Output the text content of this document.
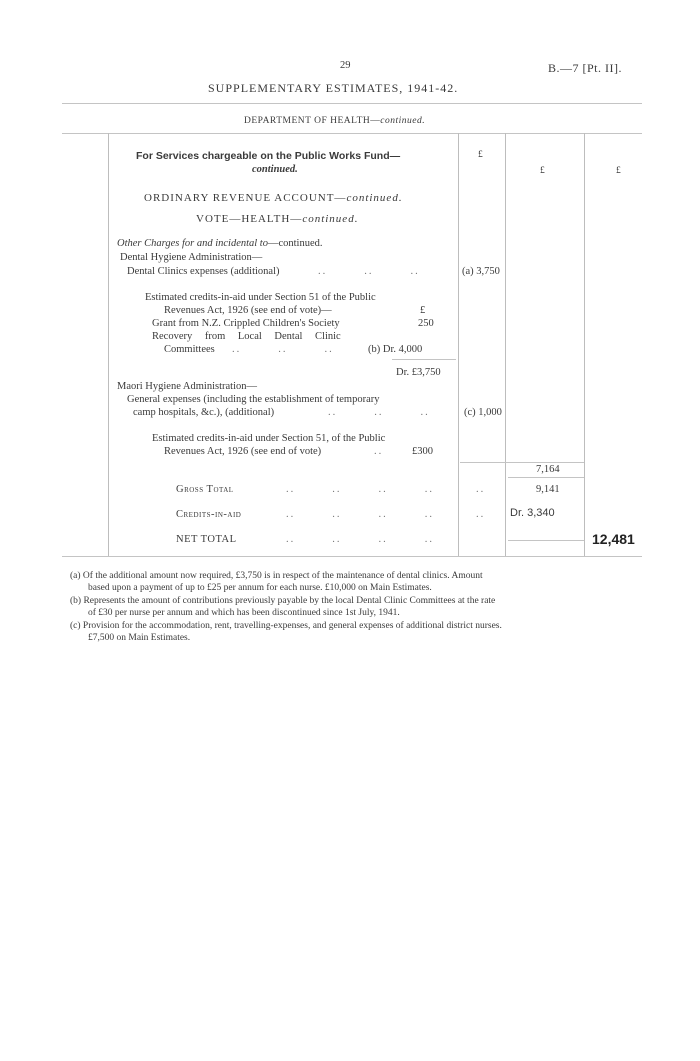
29	B.—7 [Pt. II].
SUPPLEMENTARY ESTIMATES, 1941-42.
DEPARTMENT OF HEALTH—continued.
£
£	£
For Services chargeable on the Public Works Fund—
continued.
ORDINARY REVENUE ACCOUNT—continued.
VOTE—HEALTH—continued.
Other Charges for and incidental to—continued.
Dental Hygiene Administration—
Dental Clinics expenses (additional)	..        ..        ..	(a) 3,750
Estimated credits-in-aid under Section 51 of the Public
Revenues Act, 1926 (see end of vote)—	£
Grant from N.Z. Crippled Children's Society	250
Recovery from Local Dental Clinic
Committees ..        ..        ..	(b) Dr. 4,000
Dr. £3,750
Maori Hygiene Administration—
General expenses (including the establishment of temporary
camp hospitals, &c.), (additional)	..        ..        ..	(c) 1,000
Estimated credits-in-aid under Section 51, of the Public
Revenues Act, 1926 (see end of vote)	..	£300
7,164
Gross Total	..        ..        ..        ..	..	9,141
Credits-in-aid	..        ..        ..        ..	.. Dr. 3,340
NET TOTAL	..        ..        ..        ..	12,481
(a) Of the additional amount now required, £3,750 is in respect of the maintenance of dental clinics. Amount
based upon a payment of up to £25 per annum for each nurse. £10,000 on Main Estimates.
(b) Represents the amount of contributions previously payable by the local Dental Clinic Committees at the rate
of £30 per nurse per annum and which has been discontinued since 1st July, 1941.
(c) Provision for the accommodation, rent, travelling-expenses, and general expenses of additional district nurses.
£7,500 on Main Estimates.
